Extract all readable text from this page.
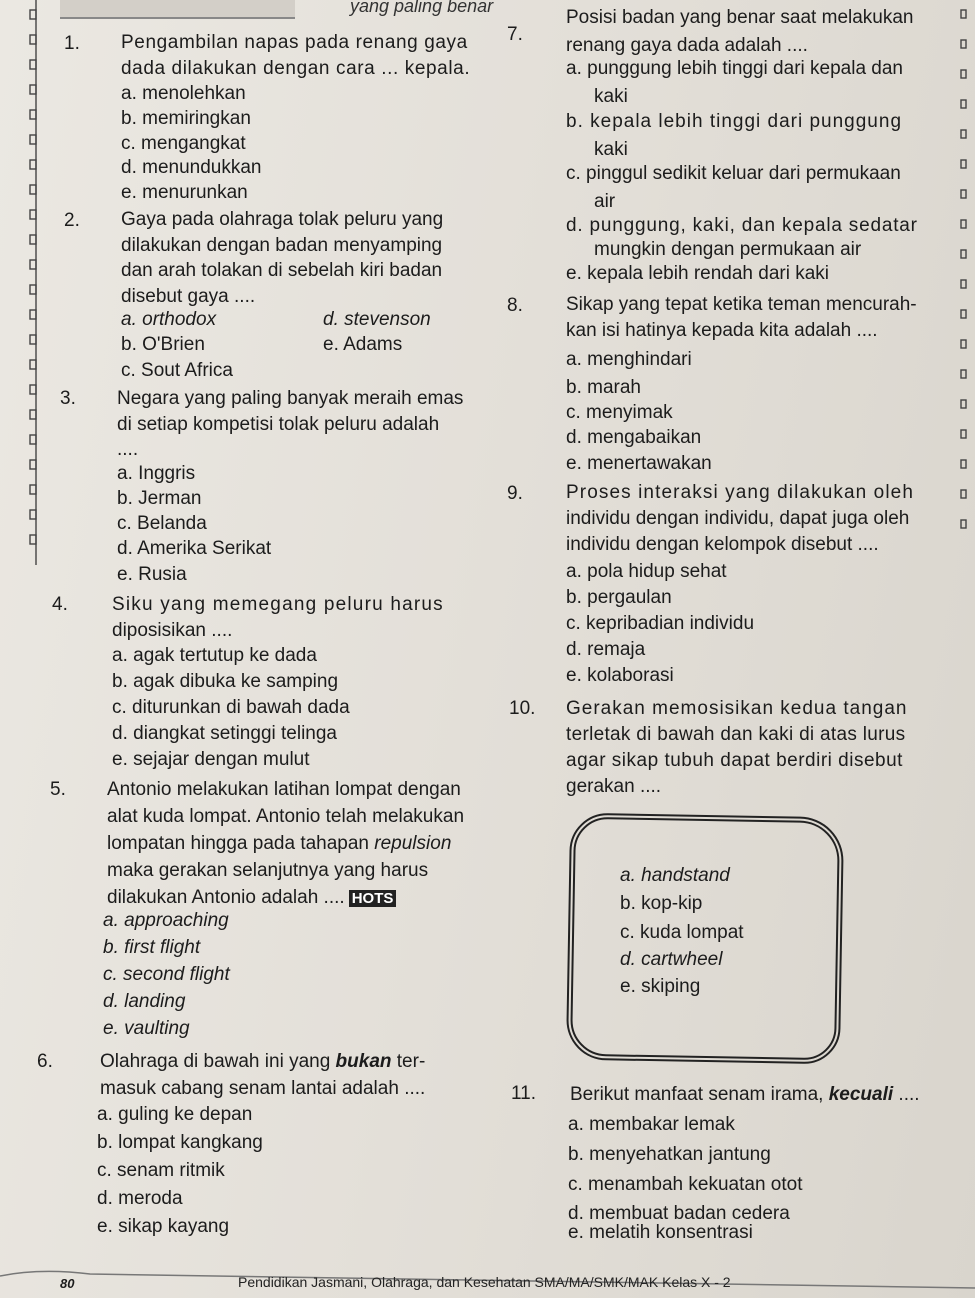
yang paling benar
1. Pengambilan napas pada renang gaya
dada dilakukan dengan cara ... kepala.
a. menolehkan
b. memiringkan
c. mengangkat
d. menundukkan
e. menurunkan
2. Gaya pada olahraga tolak peluru yang
dilakukan dengan badan menyamping
dan arah tolakan di sebelah kiri badan
disebut gaya ....
a. orthodox	d. stevenson
b. O'Brien	e. Adams
c. Sout Africa
3. Negara yang paling banyak meraih emas
di setiap kompetisi tolak peluru adalah
....
a. Inggris
b. Jerman
c. Belanda
d. Amerika Serikat
e. Rusia
4. Siku yang memegang peluru harus
diposisikan ....
a. agak tertutup ke dada
b. agak dibuka ke samping
c. diturunkan di bawah dada
d. diangkat setinggi telinga
e. sejajar dengan mulut
5. Antonio melakukan latihan lompat dengan
alat kuda lompat. Antonio telah melakukan
lompatan hingga pada tahapan repulsion
maka gerakan selanjutnya yang harus
dilakukan Antonio adalah .... HOTS
a. approaching
b. first flight
c. second flight
d. landing
e. vaulting
6. Olahraga di bawah ini yang bukan ter-
masuk cabang senam lantai adalah ....
a. guling ke depan
b. lompat kangkang
c. senam ritmik
d. meroda
e. sikap kayang
7.
Posisi badan yang benar saat melakukan
renang gaya dada adalah ....
a. punggung lebih tinggi dari kepala dan
kaki
b. kepala lebih tinggi dari punggung
kaki
c. pinggul sedikit keluar dari permukaan
air
d. punggung, kaki, dan kepala sedatar
mungkin dengan permukaan air
e. kepala lebih rendah dari kaki
8. Sikap yang tepat ketika teman mencurah-
kan isi hatinya kepada kita adalah ....
a. menghindari
b. marah
c. menyimak
d. mengabaikan
e. menertawakan
9. Proses interaksi yang dilakukan oleh
individu dengan individu, dapat juga oleh
individu dengan kelompok disebut ....
a. pola hidup sehat
b. pergaulan
c. kepribadian individu
d. remaja
e. kolaborasi
10. Gerakan memosisikan kedua tangan
terletak di bawah dan kaki di atas lurus
agar sikap tubuh dapat berdiri disebut
gerakan ....
a. handstand
b. kop-kip
c. kuda lompat
d. cartwheel
e. skiping
11. Berikut manfaat senam irama, kecuali ....
a. membakar lemak
b. menyehatkan jantung
c. menambah kekuatan otot
d. membuat badan cedera
e. melatih konsentrasi
80	Pendidikan Jasmani, Olahraga, dan Kesehatan SMA/MA/SMK/MAK Kelas X - 2
